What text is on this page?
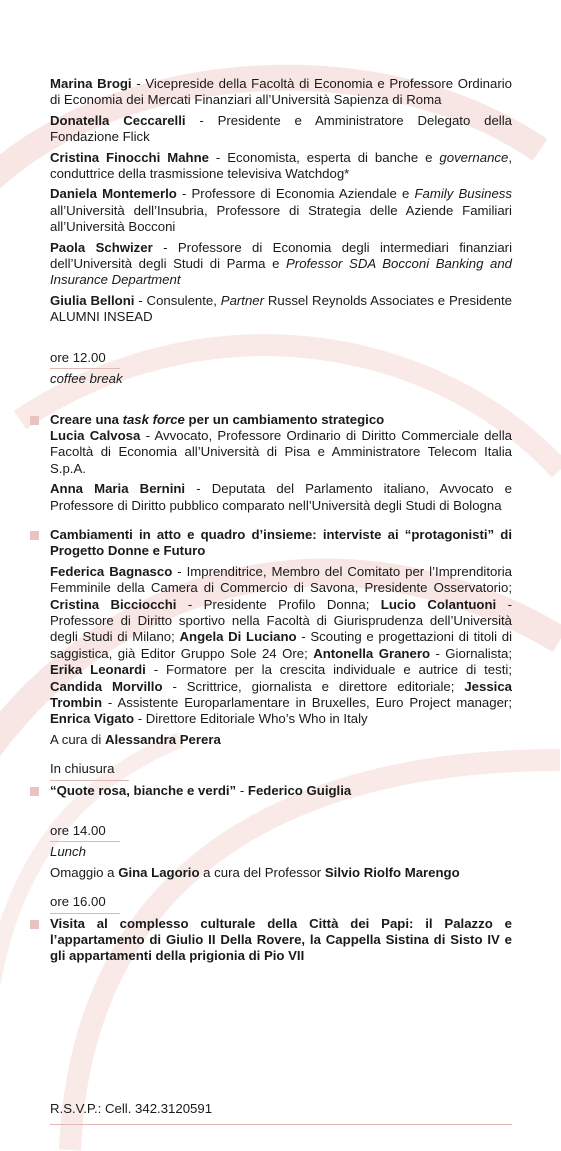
Marina Brogi - Vicepreside della Facoltà di Economia e Professore Ordinario di Economia dei Mercati Finanziari all’Università Sapienza di Roma

Donatella Ceccarelli - Presidente e Amministratore Delegato della Fondazione Flick

Cristina Finocchi Mahne - Economista, esperta di banche e governance, conduttrice della trasmissione televisiva Watchdog*

Daniela Montemerlo - Professore di Economia Aziendale e Family Business all’Università dell’Insubria, Professore di Strategia delle Aziende Familiari all’Università Bocconi

Paola Schwizer - Professore di Economia degli intermediari finanziari dell’Università degli Studi di Parma e Professor SDA Bocconi Banking and Insurance Department

Giulia Belloni - Consulente, Partner Russel Reynolds Associates e Presidente ALUMNI INSEAD

ore 12.00

coffee break

Creare una task force per un cambiamento strategico

Lucia Calvosa - Avvocato, Professore Ordinario di Diritto Commerciale della Facoltà di Economia all’Università di Pisa e Amministratore Telecom Italia S.p.A.

Anna Maria Bernini - Deputata del Parlamento italiano, Avvocato e Professore di Diritto pubblico comparato nell’Università degli Studi di Bologna

Cambiamenti in atto e quadro d’insieme: interviste ai “protagonisti” di Progetto Donne e Futuro

Federica Bagnasco - Imprenditrice, Membro del Comitato per l’Imprenditoria Femminile della Camera di Commercio di Savona, Presidente Osservatorio; Cristina Bicciocchi - Presidente Profilo Donna; Lucio Colantuoni - Professore di Diritto sportivo nella Facoltà di Giurisprudenza dell’Università degli Studi di Milano; Angela Di Luciano - Scouting e progettazioni di titoli di saggistica, già Editor Gruppo Sole 24 Ore; Antonella Granero - Giornalista; Erika Leonardi - Formatore per la crescita individuale e autrice di testi; Candida Morvillo - Scrittrice, giornalista e direttore editoriale; Jessica Trombin - Assistente Europarlamentare in Bruxelles, Euro Project manager; Enrica Vigato - Direttore Editoriale Who’s Who in Italy

A cura di Alessandra Perera

In chiusura

“Quote rosa, bianche e verdi” - Federico Guiglia

ore 14.00

Lunch

Omaggio a Gina Lagorio a cura del Professor Silvio Riolfo Marengo

ore 16.00

Visita al complesso culturale della Città dei Papi: il Palazzo e l’appartamento di Giulio II Della Rovere, la Cappella Sistina di Sisto IV e gli appartamenti della prigionia di Pio VII

R.S.V.P.: Cell. 342.3120591
